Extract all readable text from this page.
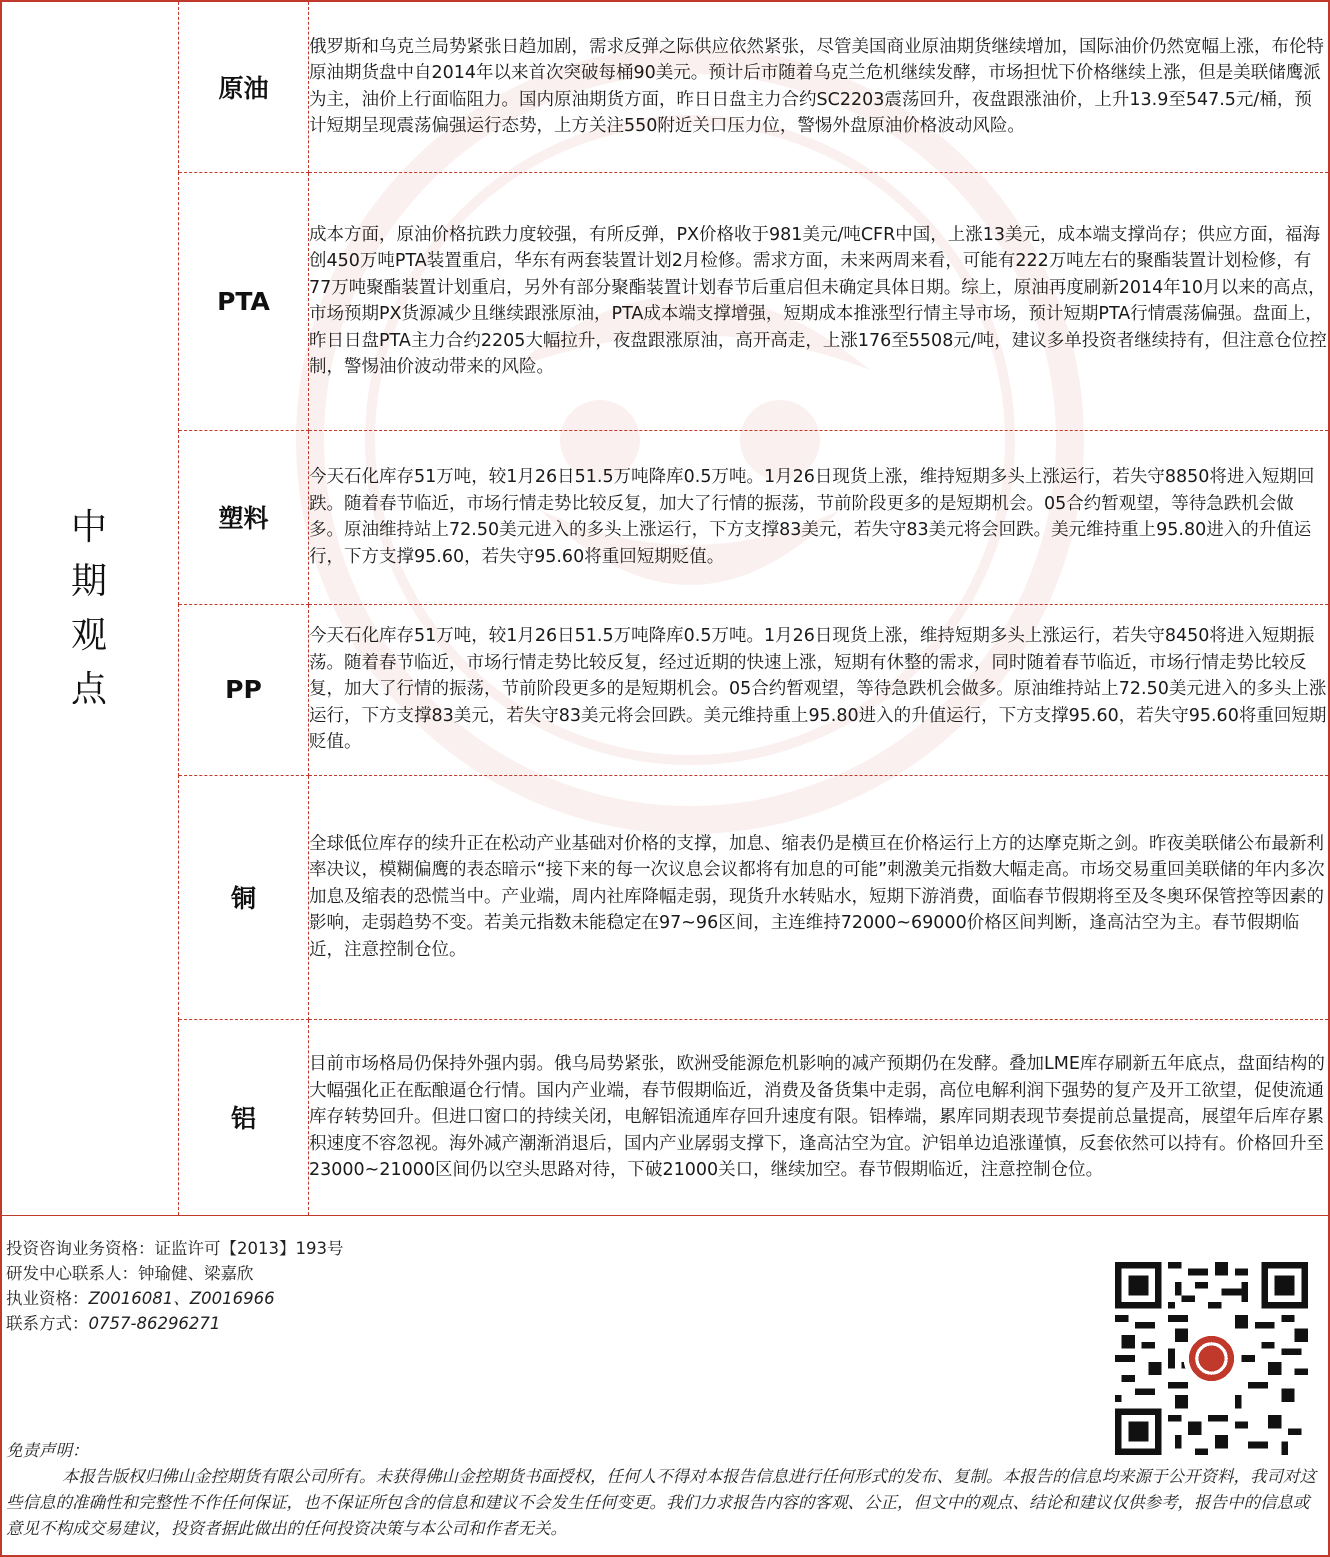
中期观点	原油	俄罗斯和乌克兰局势紧张日趋加剧，需求反弹之际供应依然紧张，尽管美国商业原油期货继续增加，国际油价仍然宽幅上涨，布伦特原油期货盘中自2014年以来首次突破每桶90美元。预计后市随着乌克兰危机继续发酵，市场担忧下价格继续上涨，但是美联储鹰派为主，油价上行面临阻力。国内原油期货方面，昨日日盘主力合约SC2203震荡回升，夜盘跟涨油价，上升13.9至547.5元/桶，预计短期呈现震荡偏强运行态势，上方关注550附近关口压力位，警惕外盘原油价格波动风险。
	PTA	成本方面，原油价格抗跌力度较强，有所反弹，PX价格收于981美元/吨CFR中国，上涨13美元，成本端支撑尚存；供应方面，福海创450万吨PTA装置重启，华东有两套装置计划2月检修。需求方面，未来两周来看，可能有222万吨左右的聚酯装置计划检修，有77万吨聚酯装置计划重启，另外有部分聚酯装置计划春节后重启但未确定具体日期。综上，原油再度刷新2014年10月以来的高点，市场预期PX货源减少且继续跟涨原油，PTA成本端支撑增强，短期成本推涨型行情主导市场，预计短期PTA行情震荡偏强。盘面上，昨日日盘PTA主力合约2205大幅拉升，夜盘跟涨原油，高开高走，上涨176至5508元/吨，建议多单投资者继续持有，但注意仓位控制，警惕油价波动带来的风险。
	塑料	今天石化库存51万吨，较1月26日51.5万吨降库0.5万吨。1月26日现货上涨，维持短期多头上涨运行，若失守8850将进入短期回跌。随着春节临近，市场行情走势比较反复，加大了行情的振荡，节前阶段更多的是短期机会。05合约暂观望，等待急跌机会做多。原油维持站上72.50美元进入的多头上涨运行，下方支撑83美元，若失守83美元将会回跌。美元维持重上95.80进入的升值运行，下方支撑95.60，若失守95.60将重回短期贬值。
	PP	今天石化库存51万吨，较1月26日51.5万吨降库0.5万吨。1月26日现货上涨，维持短期多头上涨运行，若失守8450将进入短期振荡。随着春节临近，市场行情走势比较反复，经过近期的快速上涨，短期有休整的需求，同时随着春节临近，市场行情走势比较反复，加大了行情的振荡，节前阶段更多的是短期机会。05合约暂观望，等待急跌机会做多。原油维持站上72.50美元进入的多头上涨运行，下方支撑83美元，若失守83美元将会回跌。美元维持重上95.80进入的升值运行，下方支撑95.60，若失守95.60将重回短期贬值。
	铜	全球低位库存的续升正在松动产业基础对价格的支撑，加息、缩表仍是横亘在价格运行上方的达摩克斯之剑。昨夜美联储公布最新利率决议，模糊偏鹰的表态暗示“接下来的每一次议息会议都将有加息的可能”刺激美元指数大幅走高。市场交易重回美联储的年内多次加息及缩表的恐慌当中。产业端，周内社库降幅走弱，现货升水转贴水，短期下游消费，面临春节假期将至及冬奥环保管控等因素的影响，走弱趋势不变。若美元指数未能稳定在97~96区间，主连维持72000~69000价格区间判断，逢高沽空为主。春节假期临近，注意控制仓位。
	铝	目前市场格局仍保持外强内弱。俄乌局势紧张，欧洲受能源危机影响的减产预期仍在发酵。叠加LME库存刷新五年底点，盘面结构的大幅强化正在酝酿逼仓行情。国内产业端，春节假期临近，消费及备货集中走弱，高位电解利润下强势的复产及开工欲望，促使流通库存转势回升。但进口窗口的持续关闭，电解铝流通库存回升速度有限。铝棒端，累库同期表现节奏提前总量提高，展望年后库存累积速度不容忽视。海外减产潮渐消退后，国内产业孱弱支撑下，逢高沽空为宜。沪铝单边追涨谨慎，反套依然可以持有。价格回升至23000~21000区间仍以空头思路对待，下破21000关口，继续加空。春节假期临近，注意控制仓位。
投资咨询业务资格：证监许可【2013】193号
研发中心联系人：钟瑜健、梁嘉欣
执业资格：Z0016081、Z0016966
联系方式：0757-86296271
免责声明：
本报告版权归佛山金控期货有限公司所有。未获得佛山金控期货书面授权，任何人不得对本报告信息进行任何形式的发布、复制。本报告的信息均来源于公开资料，我司对这些信息的准确性和完整性不作任何保证，也不保证所包含的信息和建议不会发生任何变更。我们力求报告内容的客观、公正，但文中的观点、结论和建议仅供参考，报告中的信息或意见不构成交易建议，投资者据此做出的任何投资决策与本公司和作者无关。
